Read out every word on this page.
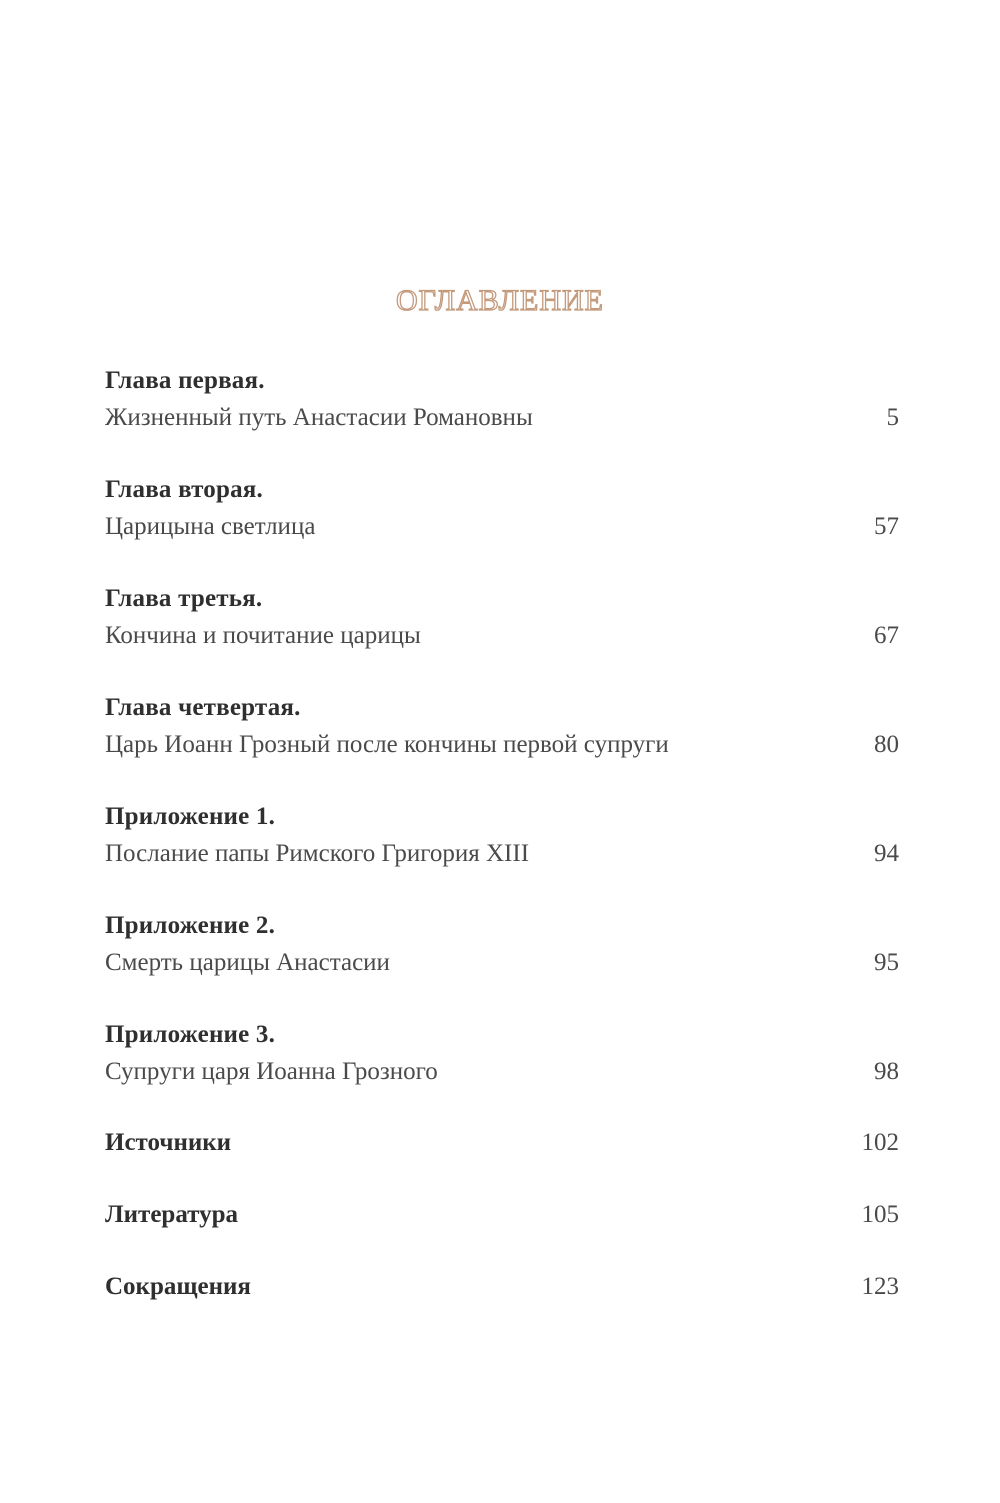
ОГЛАВЛЕНИЕ
Глава первая.
Жизненный путь Анастасии Романовны	5
Глава вторая.
Царицына светлица	57
Глава третья.
Кончина и почитание царицы	67
Глава четвертая.
Царь Иоанн Грозный после кончины первой супруги	80
Приложение 1.
Послание папы Римского Григория XIII	94
Приложение 2.
Смерть царицы Анастасии	95
Приложение 3.
Супруги царя Иоанна Грозного	98
Источники	102
Литература	105
Сокращения	123
